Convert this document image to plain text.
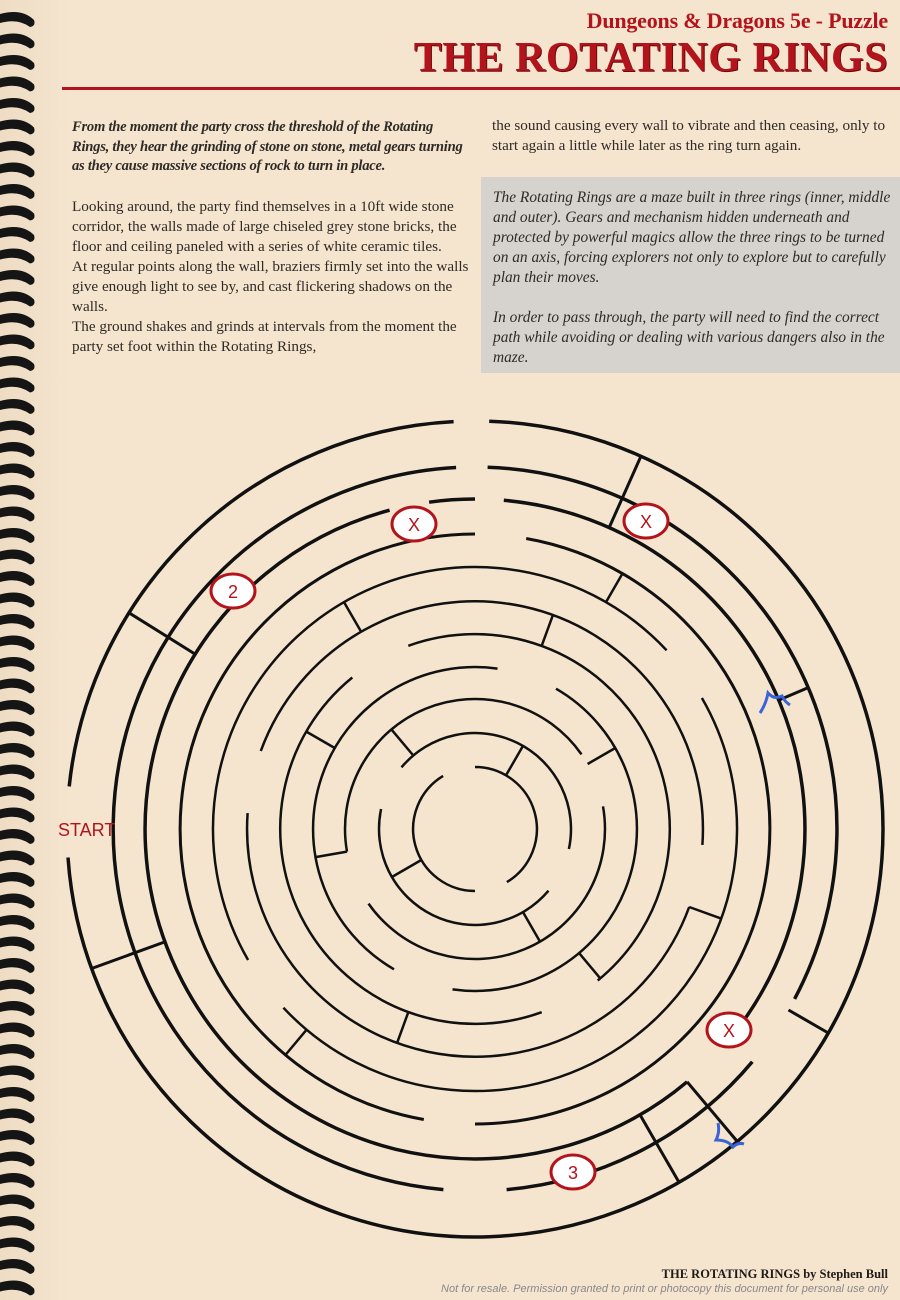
Dungeons & Dragons 5e - Puzzle
THE ROTATING RINGS

From the moment the party cross the threshold of the Rotating Rings, they hear the grinding of stone on stone, metal gears turning as they cause massive sections of rock to turn in place.

Looking around, the party find themselves in a 10ft wide stone corridor, the walls made of large chiseled grey stone bricks, the floor and ceiling paneled with a series of white ceramic tiles.

At regular points along the wall, braziers firmly set into the walls give enough light to see by, and cast flickering shadows on the walls.

The ground shakes and grinds at intervals from the moment the party set foot within the Rotating Rings,

the sound causing every wall to vibrate and then ceasing, only to start again a little while later as the ring turn again.

The Rotating Rings are a maze built in three rings (inner, middle and outer). Gears and mechanism hidden underneath and protected by powerful magics allow the three rings to be turned on an axis, forcing explorers not only to explore but to carefully plan their moves.

In order to pass through, the party will need to find the correct path while avoiding or dealing with various dangers also in the maze.

START
X	X
X
2
3
THE ROTATING RINGS by Stephen Bull
Not for resale. Permission granted to print or photocopy this document for personal use only
